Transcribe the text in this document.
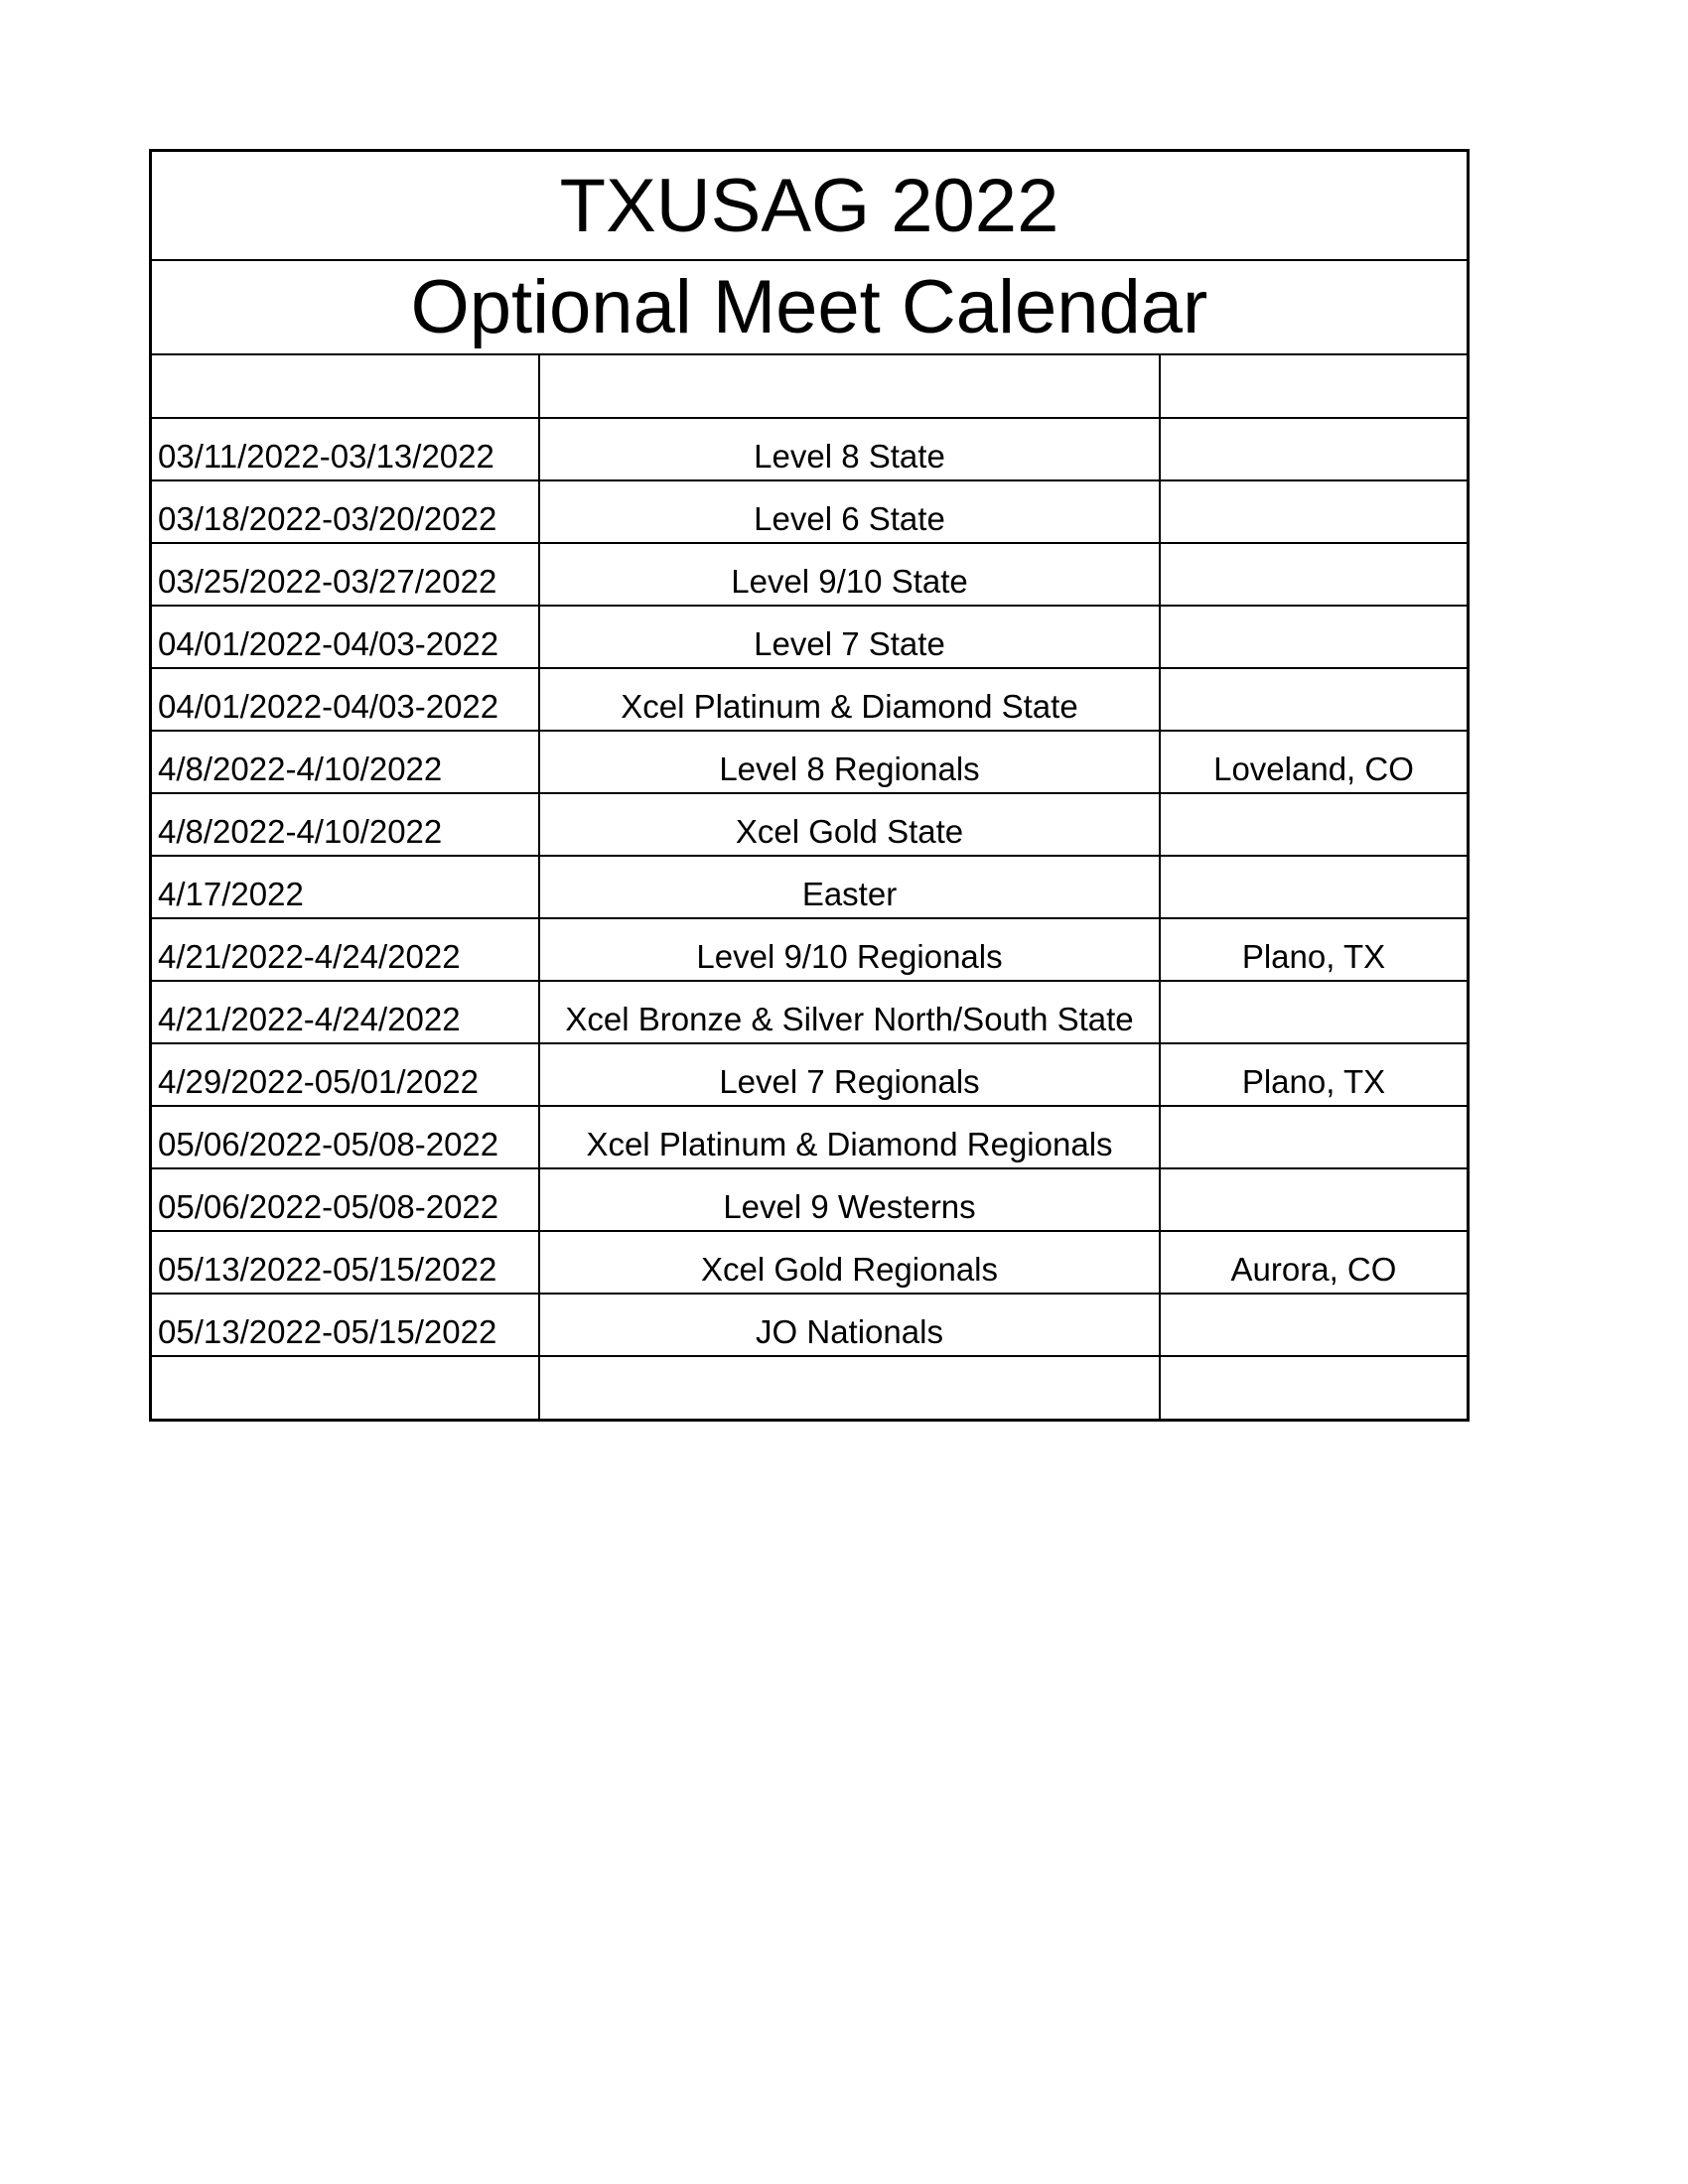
TXUSAG 2022
Optional Meet Calendar

03/11/2022-03/13/2022	Level 8 State	
03/18/2022-03/20/2022	Level 6 State	
03/25/2022-03/27/2022	Level 9/10 State	
04/01/2022-04/03-2022	Level 7 State	
04/01/2022-04/03-2022	Xcel Platinum & Diamond State	
4/8/2022-4/10/2022	Level 8 Regionals	Loveland, CO
4/8/2022-4/10/2022	Xcel Gold State	
4/17/2022	Easter	
4/21/2022-4/24/2022	Level 9/10 Regionals	Plano, TX
4/21/2022-4/24/2022	Xcel Bronze & Silver North/South State	
4/29/2022-05/01/2022	Level 7 Regionals	Plano, TX
05/06/2022-05/08-2022	Xcel Platinum & Diamond Regionals	
05/06/2022-05/08-2022	Level 9 Westerns	
05/13/2022-05/15/2022	Xcel Gold Regionals	Aurora, CO
05/13/2022-05/15/2022	JO Nationals	
